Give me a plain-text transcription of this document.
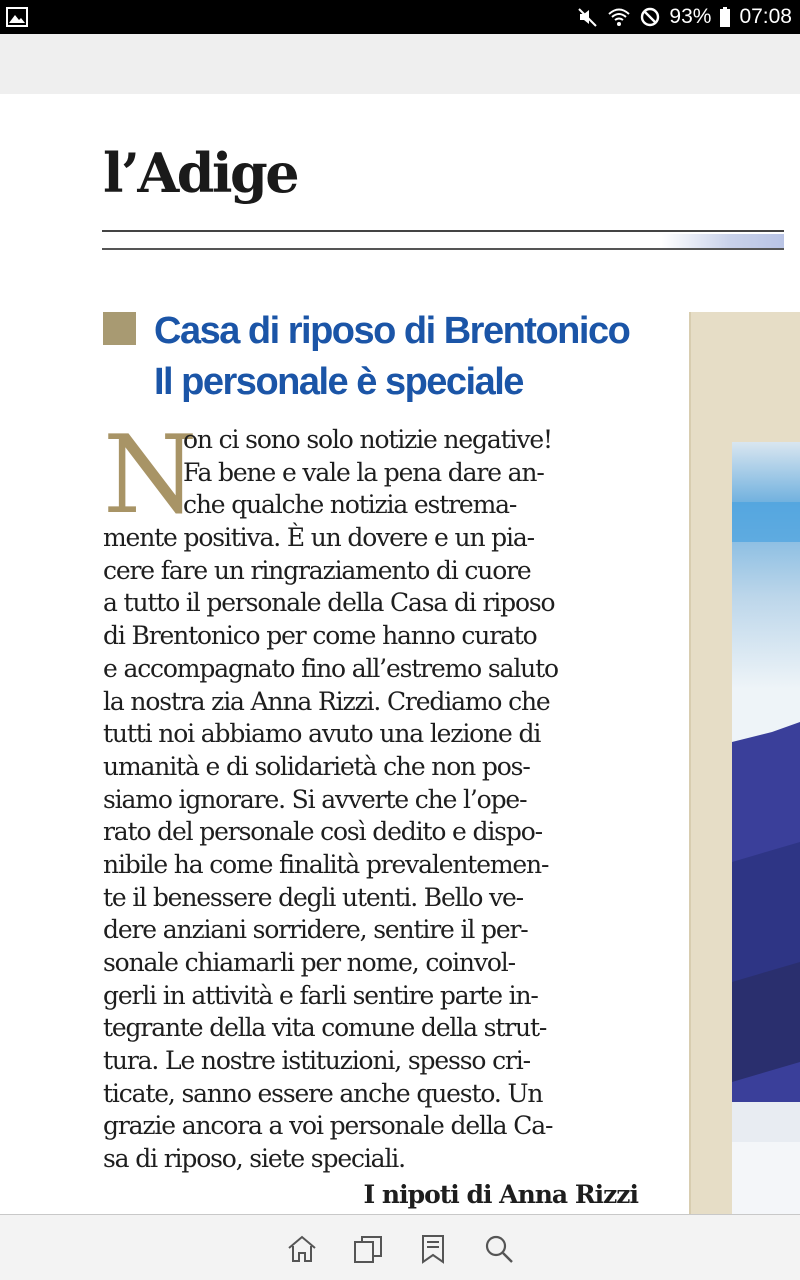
93% 07:08
l’Adige
Casa di riposo di Brentonico
Il personale è speciale
N
on ci sono solo notizie negative!
Fa bene e vale la pena dare an-
che qualche notizia estrema-
mente positiva. È un dovere e un pia-
cere fare un ringraziamento di cuore
a tutto il personale della Casa di riposo
di Brentonico per come hanno curato
e accompagnato fino all’estremo saluto
la nostra zia Anna Rizzi. Crediamo che
tutti noi abbiamo avuto una lezione di
umanità e di solidarietà che non pos-
siamo ignorare. Si avverte che l’ope-
rato del personale così dedito e dispo-
nibile ha come finalità prevalentemen-
te il benessere degli utenti. Bello ve-
dere anziani sorridere, sentire il per-
sonale chiamarli per nome, coinvol-
gerli in attività e farli sentire parte in-
tegrante della vita comune della strut-
tura. Le nostre istituzioni, spesso cri-
ticate, sanno essere anche questo. Un
grazie ancora a voi personale della Ca-
sa di riposo, siete speciali.
I nipoti di Anna Rizzi
